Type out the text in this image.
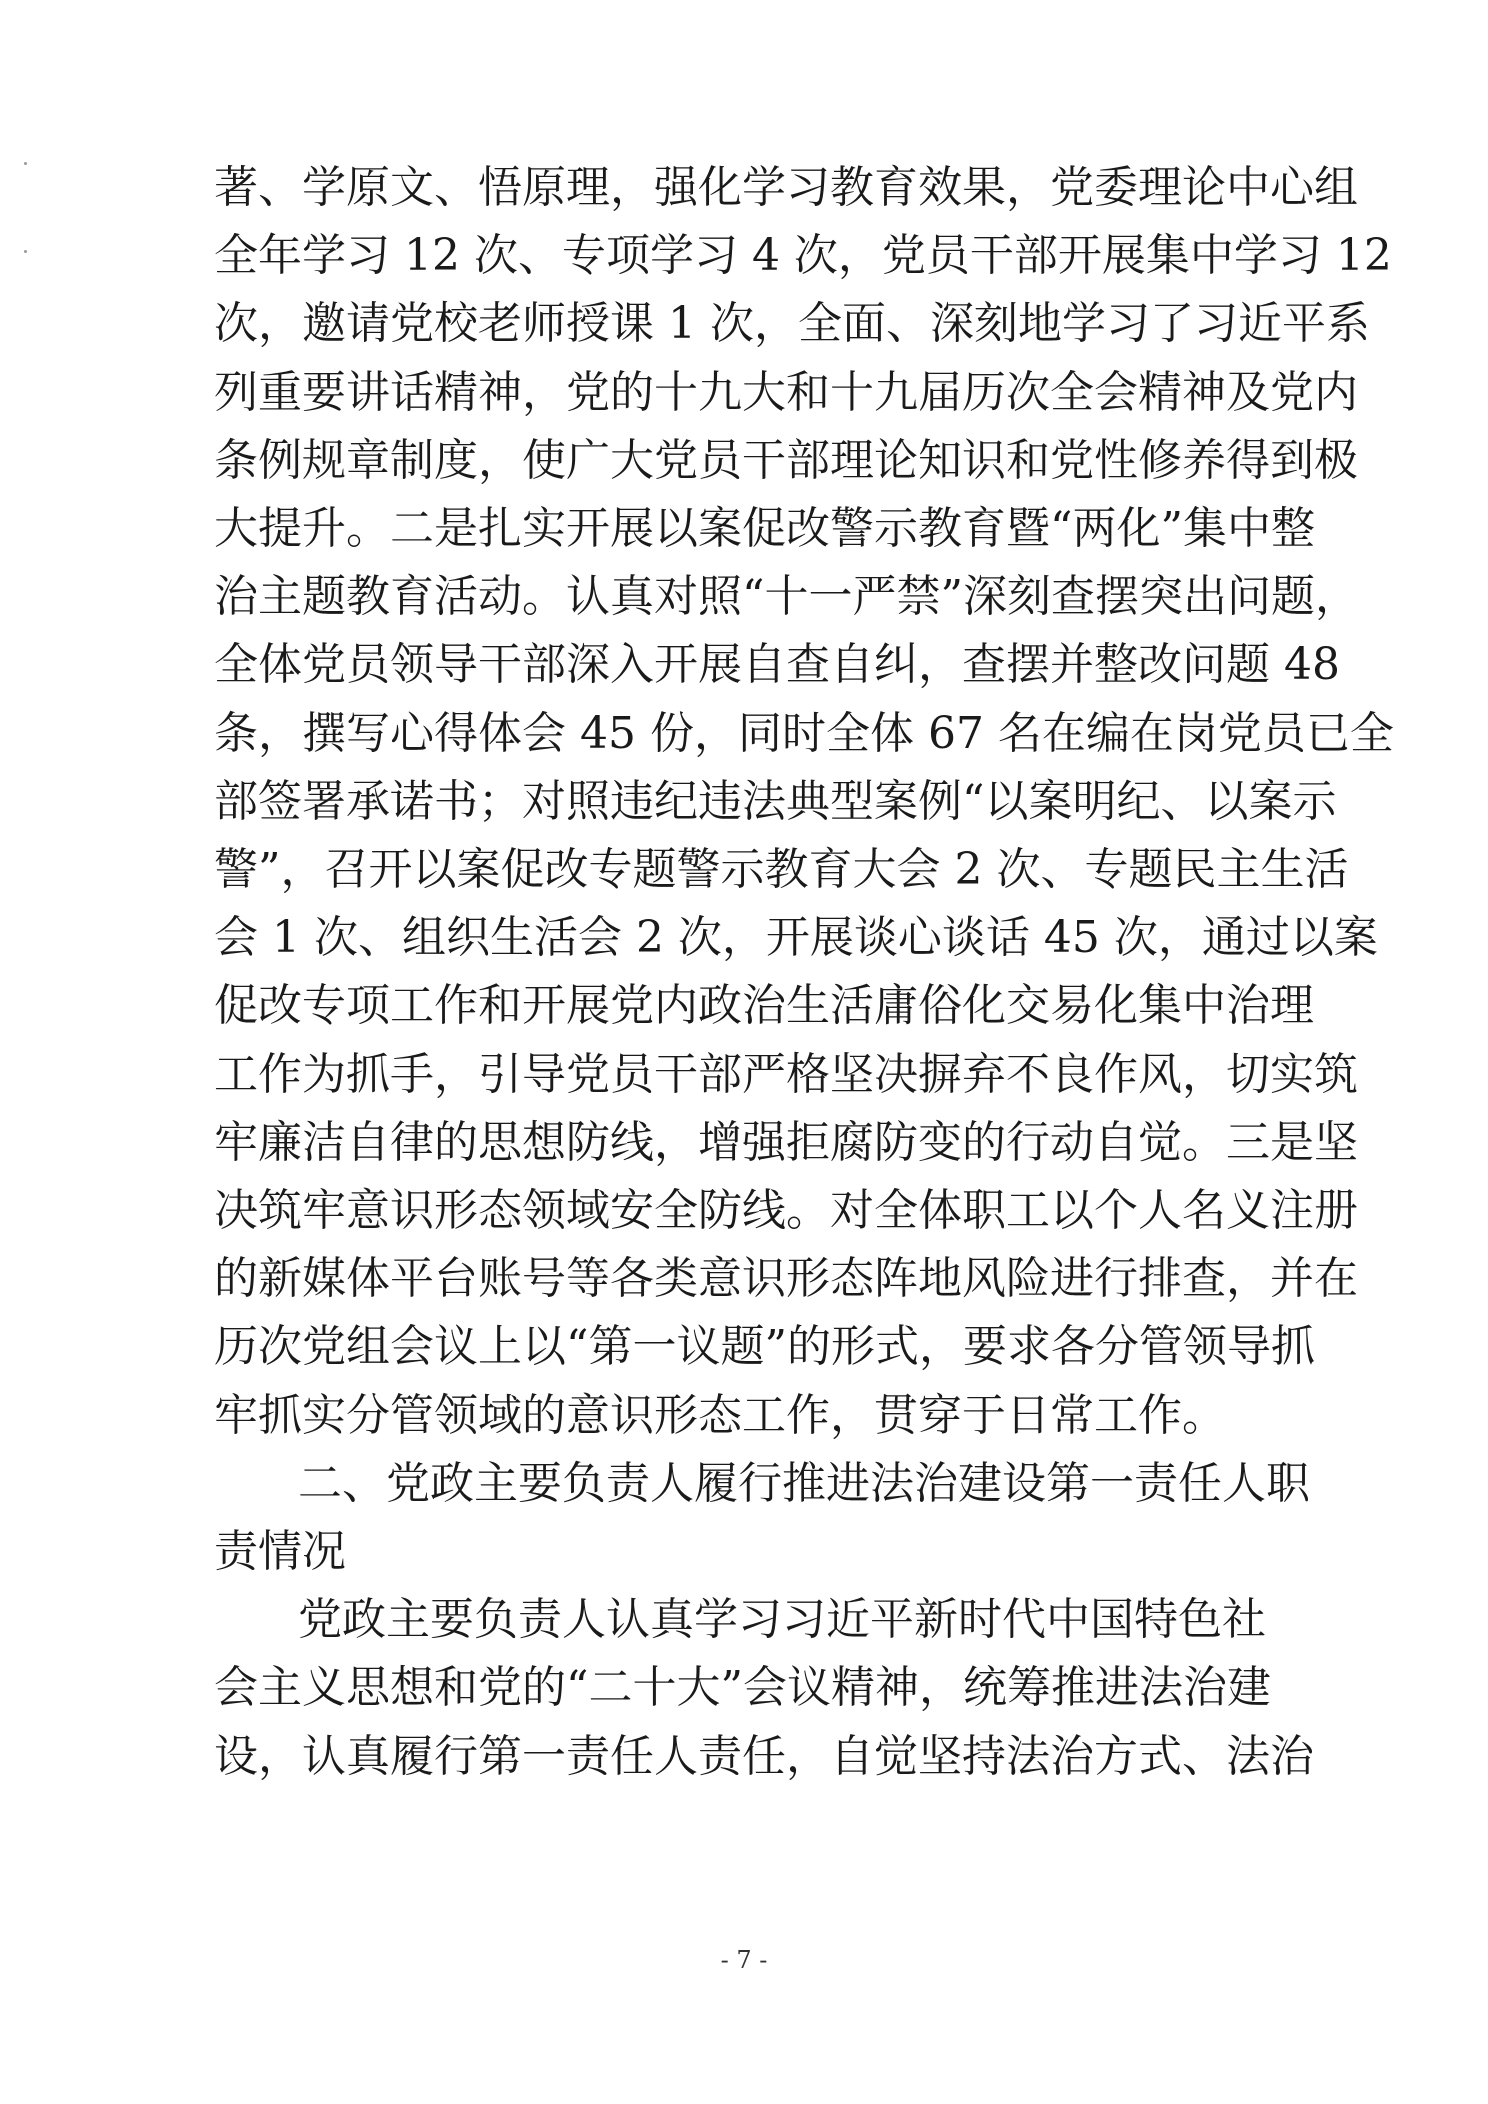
著、学原文、悟原理，强化学习教育效果，党委理论中心组
全年学习 12 次、专项学习 4 次，党员干部开展集中学习 12
次，邀请党校老师授课 1 次，全面、深刻地学习了习近平系
列重要讲话精神，党的十九大和十九届历次全会精神及党内
条例规章制度，使广大党员干部理论知识和党性修养得到极
大提升。二是扎实开展以案促改警示教育暨“两化”集中整
治主题教育活动。认真对照“十一严禁”深刻查摆突出问题，
全体党员领导干部深入开展自查自纠，查摆并整改问题 48
条，撰写心得体会 45 份，同时全体 67 名在编在岗党员已全
部签署承诺书；对照违纪违法典型案例“以案明纪、以案示
警”，召开以案促改专题警示教育大会 2 次、专题民主生活
会 1 次、组织生活会 2 次，开展谈心谈话 45 次，通过以案
促改专项工作和开展党内政治生活庸俗化交易化集中治理
工作为抓手，引导党员干部严格坚决摒弃不良作风，切实筑
牢廉洁自律的思想防线，增强拒腐防变的行动自觉。三是坚
决筑牢意识形态领域安全防线。对全体职工以个人名义注册
的新媒体平台账号等各类意识形态阵地风险进行排查，并在
历次党组会议上以“第一议题”的形式，要求各分管领导抓
牢抓实分管领域的意识形态工作，贯穿于日常工作。
二、党政主要负责人履行推进法治建设第一责任人职
责情况
党政主要负责人认真学习习近平新时代中国特色社
会主义思想和党的“二十大”会议精神，统筹推进法治建
设，认真履行第一责任人责任，自觉坚持法治方式、法治
- 7 -
